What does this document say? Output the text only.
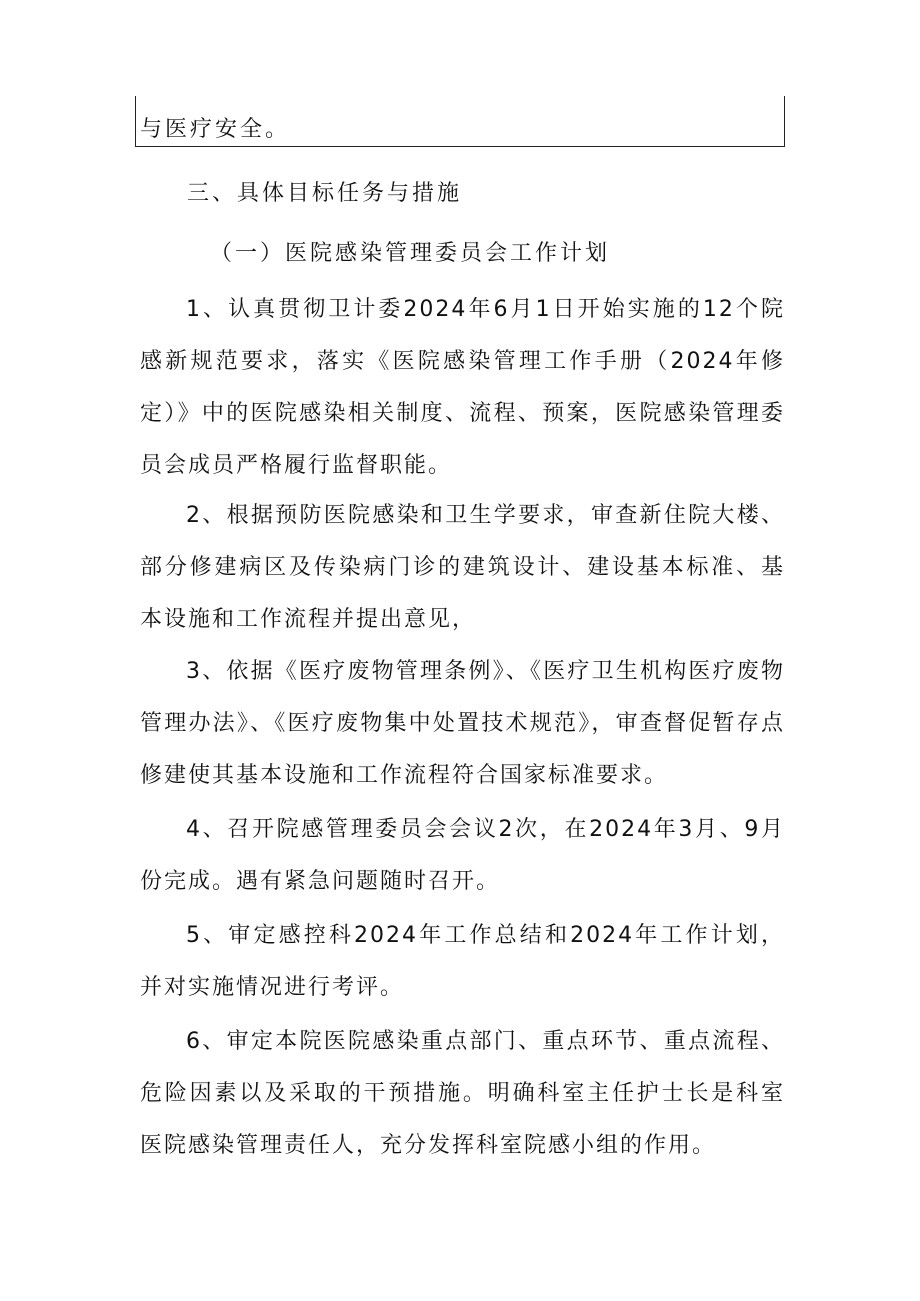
与医疗安全。
三、具体目标任务与措施
（一）医院感染管理委员会工作计划

1、认真贯彻卫计委2024年6月1日开始实施的12个院感新规范要求，落实《医院感染管理工作手册（2024年修定）》中的医院感染相关制度、流程、预案，医院感染管理委员会成员严格履行监督职能。

2、根据预防医院感染和卫生学要求，审查新住院大楼、部分修建病区及传染病门诊的建筑设计、建设基本标准、基本设施和工作流程并提出意见，

3、依据《医疗废物管理条例》、《医疗卫生机构医疗废物管理办法》、《医疗废物集中处置技术规范》，审查督促暂存点修建使其基本设施和工作流程符合国家标准要求。

4、召开院感管理委员会会议2次，在2024年3月、9月份完成。遇有紧急问题随时召开。

5、审定感控科2024年工作总结和2024年工作计划，并对实施情况进行考评。

6、审定本院医院感染重点部门、重点环节、重点流程、危险因素以及采取的干预措施。明确科室主任护士长是科室医院感染管理责任人，充分发挥科室院感小组的作用。
